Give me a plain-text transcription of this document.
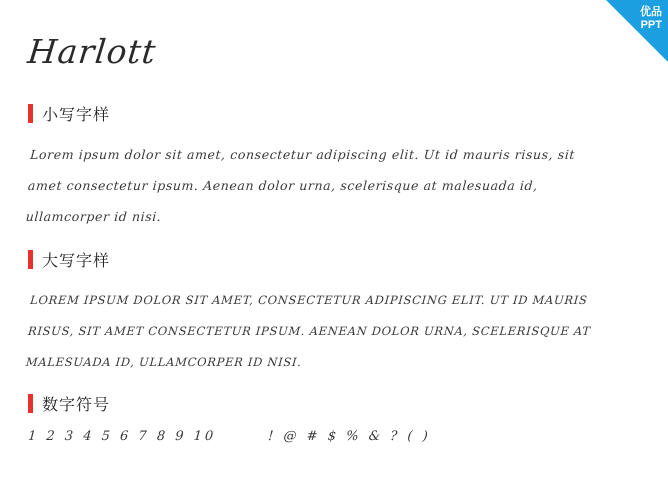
优品
PPT
Harlott
小写字样
Lorem ipsum dolor sit amet, consectetur adipiscing elit. Ut id mauris risus, sit amet consectetur ipsum. Aenean dolor urna, scelerisque at malesuada id, ullamcorper id nisi.
大写字样
LOREM IPSUM DOLOR SIT AMET, CONSECTETUR ADIPISCING ELIT. UT ID MAURIS RISUS, SIT AMET CONSECTETUR IPSUM. AENEAN DOLOR URNA, SCELERISQUE AT MALESUADA ID, ULLAMCORPER ID NISI.
数字符号
1 2 3 4 5 6 7 8 9 10	! @ # $ % & ? ( )
